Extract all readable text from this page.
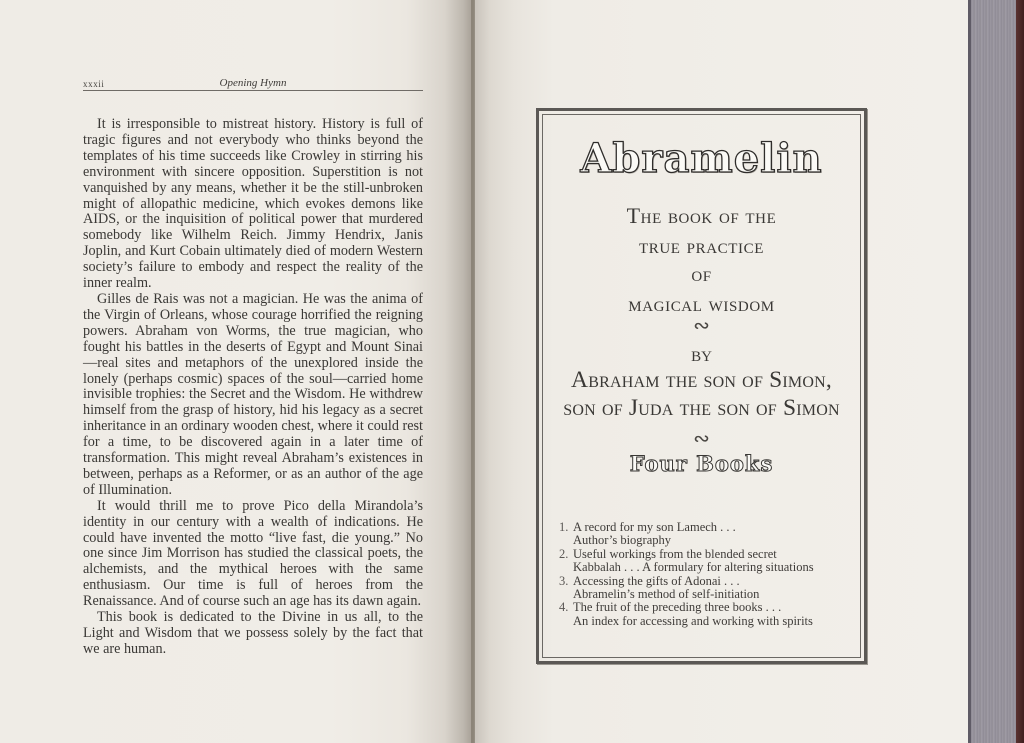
xxxii	Opening Hymn

It is irresponsible to mistreat history. History is full of tragic figures and not everybody who thinks beyond the templates of his time succeeds like Crowley in stirring his environment with sincere opposition. Superstition is not vanquished by any means, whether it be the still-unbroken might of allopathic medicine, which evokes demons like AIDS, or the inquisition of political power that murdered somebody like Wilhelm Reich. Jimmy Hendrix, Janis Joplin, and Kurt Cobain ultimately died of modern Western society’s failure to embody and respect the reality of the inner realm.

Gilles de Rais was not a magician. He was the anima of the Virgin of Orleans, whose courage horrified the reigning powers. Abraham von Worms, the true magician, who fought his battles in the deserts of Egypt and Mount Sinai—real sites and metaphors of the unexplored inside the lonely (perhaps cosmic) spaces of the soul—carried home invisible trophies: the Secret and the Wisdom. He withdrew himself from the grasp of history, hid his legacy as a secret inheritance in an ordinary wooden chest, where it could rest for a time, to be discovered again in a later time of transformation. This might reveal Abraham’s existences in between, perhaps as a Reformer, or as an author of the age of Illumination.

It would thrill me to prove Pico della Mirandola’s identity in our century with a wealth of indications. He could have invented the motto “live fast, die young.” No one since Jim Morrison has studied the classical poets, the alchemists, and the mythical heroes with the same enthusiasm. Our time is full of heroes from the Renaissance. And of course such an age has its dawn again.

This book is dedicated to the Divine in us all, to the Light and Wisdom that we possess solely by the fact that we are human.

Abramelin
The book of the
true practice
of
magical wisdom
∾
by
Abraham the son of Simon,
son of Juda the son of Simon
∾
Four Books
1. A record for my son Lamech . . .
Author’s biography
2. Useful workings from the blended secret
Kabbalah . . . A formulary for altering situations
3. Accessing the gifts of Adonai . . .
Abramelin’s method of self-initiation
4. The fruit of the preceding three books . . .
An index for accessing and working with spirits
